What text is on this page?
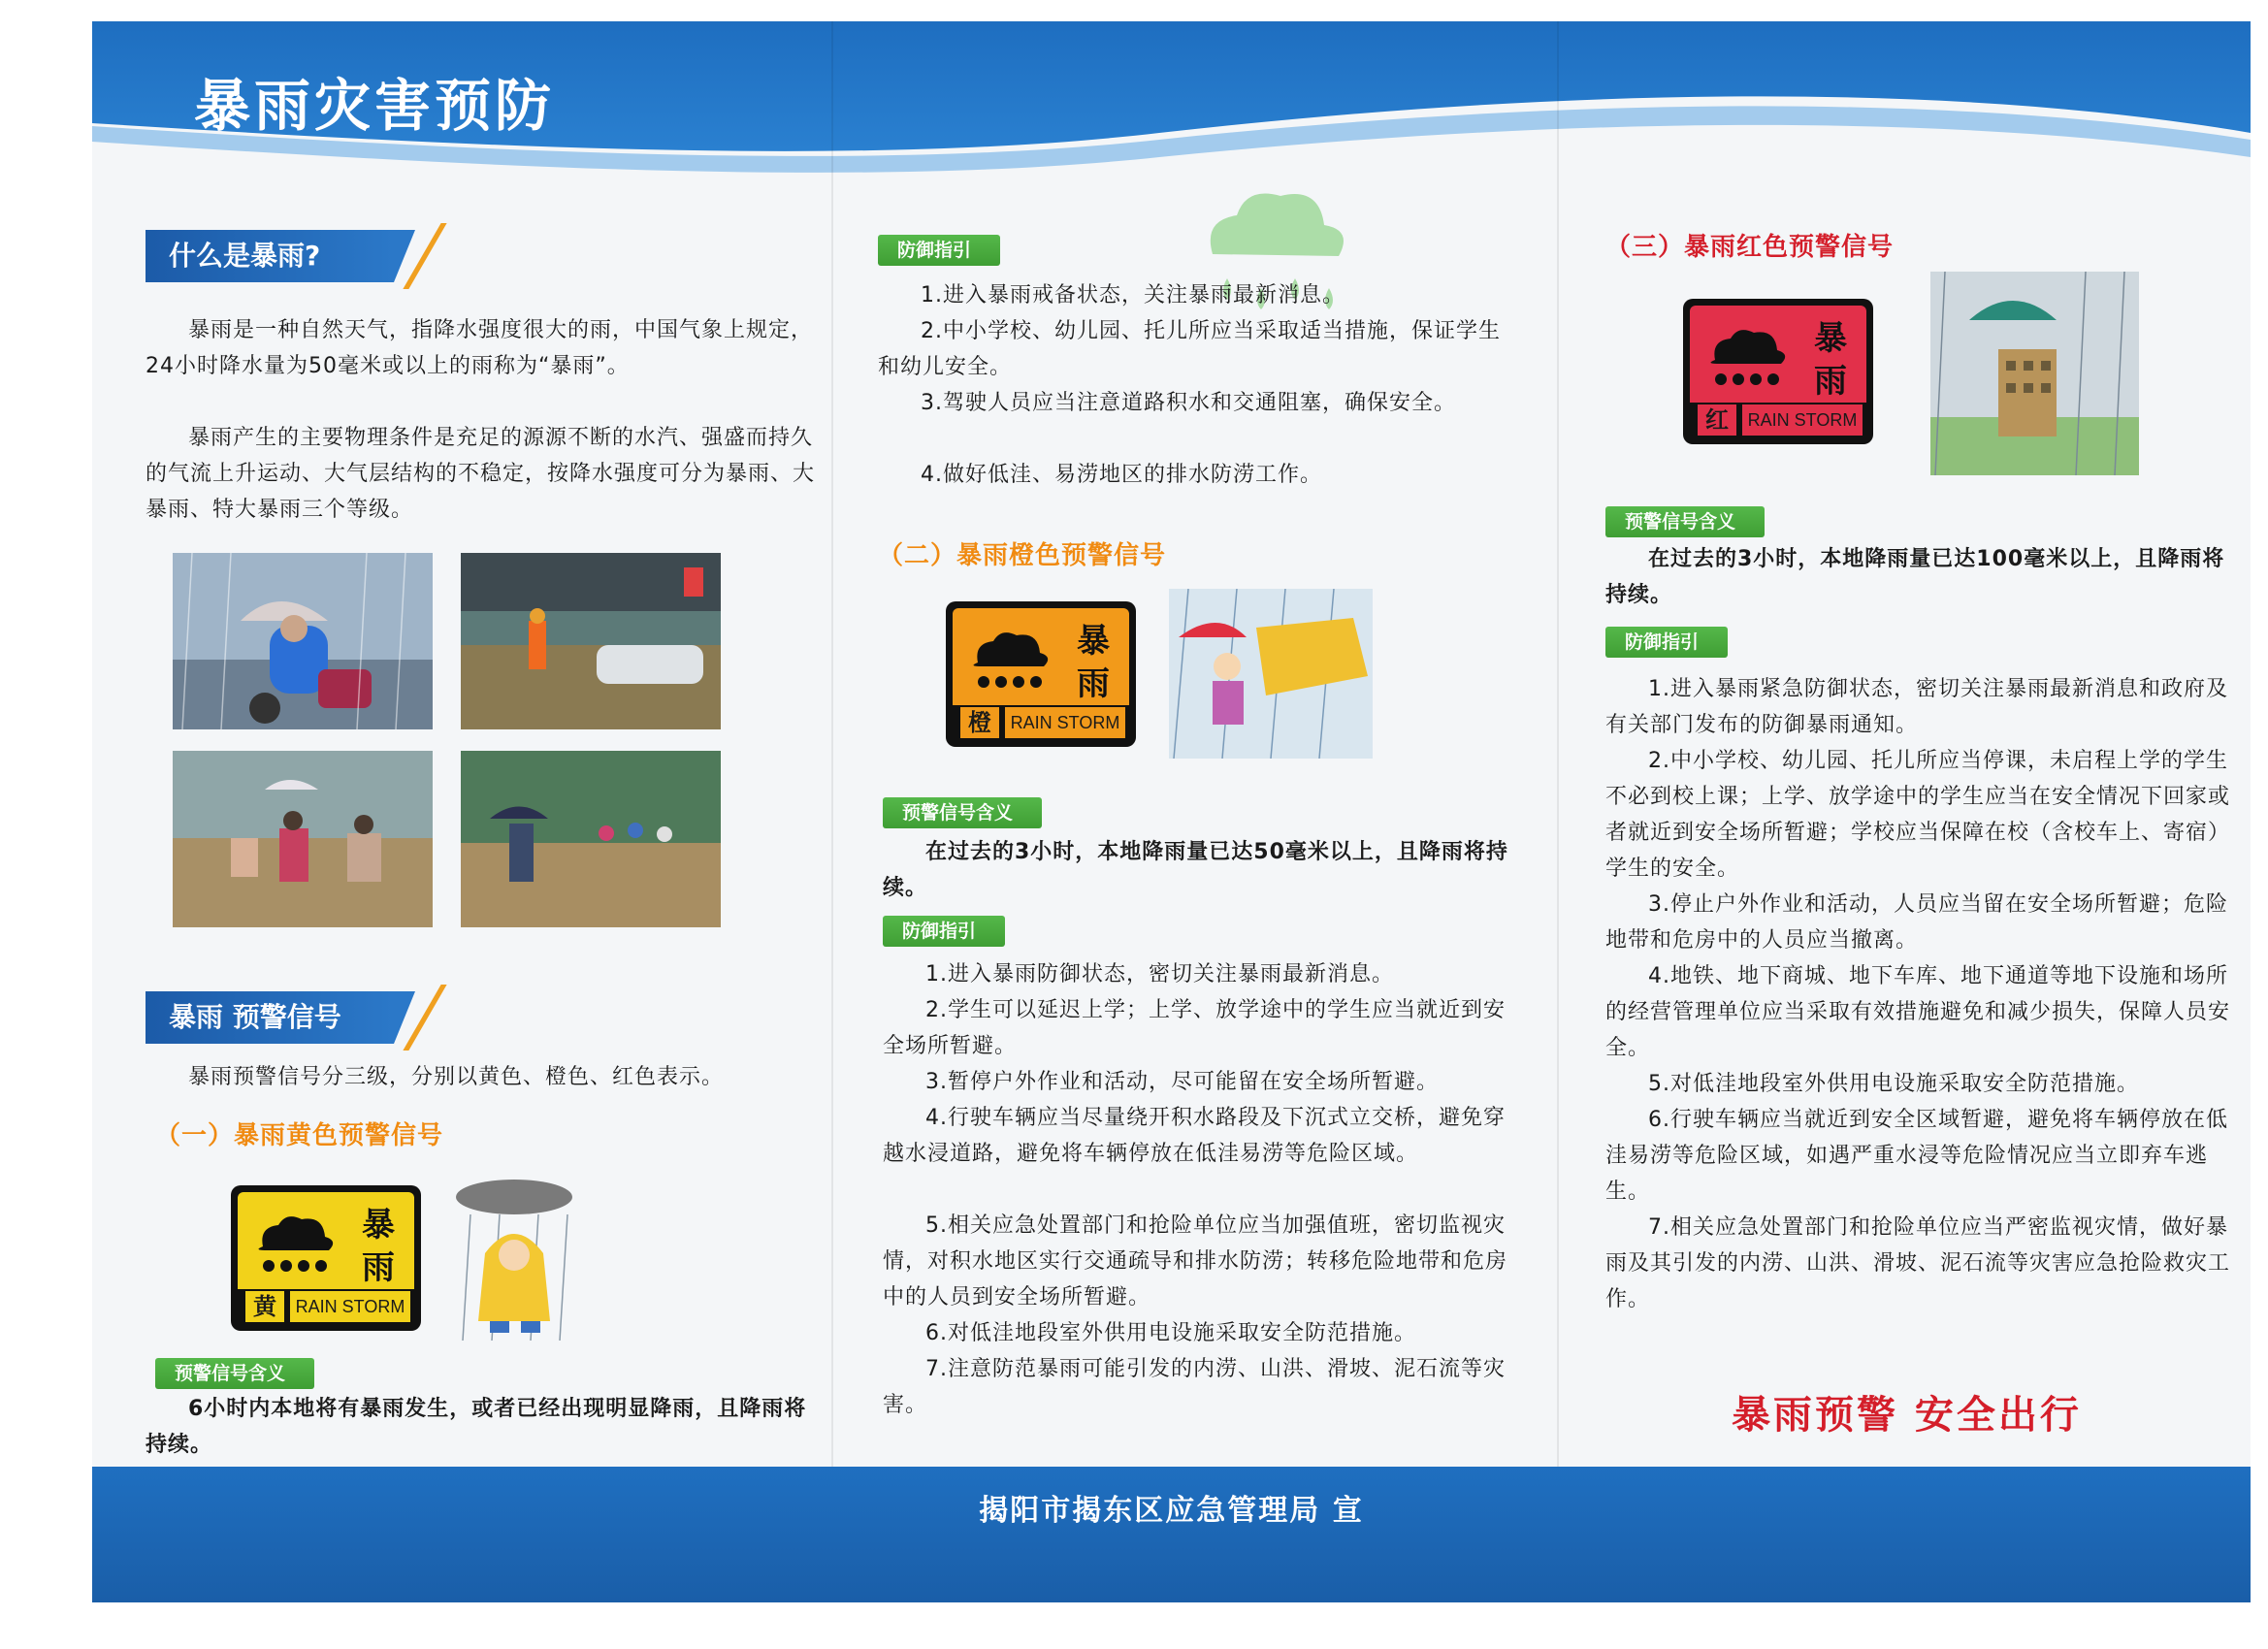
暴雨灾害预防
什么是暴雨?
暴雨是一种自然天气，指降水强度很大的雨，中国气象上规定，24小时降水量为50毫米或以上的雨称为“暴雨”。
暴雨产生的主要物理条件是充足的源源不断的水汽、强盛而持久的气流上升运动、大气层结构的不稳定，按降水强度可分为暴雨、大暴雨、特大暴雨三个等级。
暴雨 预警信号
暴雨预警信号分三级，分别以黄色、橙色、红色表示。
（一）暴雨黄色预警信号
暴
雨
黄	RAIN STORM
预警信号含义
6小时内本地将有暴雨发生，或者已经出现明显降雨，且降雨将持续。
防御指引
1.进入暴雨戒备状态，关注暴雨最新消息。
2.中小学校、幼儿园、托儿所应当采取适当措施，保证学生和幼儿安全。
3.驾驶人员应当注意道路积水和交通阻塞，确保安全。
4.做好低洼、易涝地区的排水防涝工作。
（二）暴雨橙色预警信号
暴
雨
橙	RAIN STORM
预警信号含义
在过去的3小时，本地降雨量已达50毫米以上，且降雨将持续。
防御指引
1.进入暴雨防御状态，密切关注暴雨最新消息。
2.学生可以延迟上学；上学、放学途中的学生应当就近到安全场所暂避。
3.暂停户外作业和活动，尽可能留在安全场所暂避。
4.行驶车辆应当尽量绕开积水路段及下沉式立交桥，避免穿越水浸道路，避免将车辆停放在低洼易涝等危险区域。
5.相关应急处置部门和抢险单位应当加强值班，密切监视灾情，对积水地区实行交通疏导和排水防涝；转移危险地带和危房中的人员到安全场所暂避。
6.对低洼地段室外供用电设施采取安全防范措施。
7.注意防范暴雨可能引发的内涝、山洪、滑坡、泥石流等灾害。
（三）暴雨红色预警信号
暴
雨
红	RAIN STORM
预警信号含义
在过去的3小时，本地降雨量已达100毫米以上，且降雨将持续。
防御指引
1.进入暴雨紧急防御状态，密切关注暴雨最新消息和政府及有关部门发布的防御暴雨通知。
2.中小学校、幼儿园、托儿所应当停课，未启程上学的学生不必到校上课；上学、放学途中的学生应当在安全情况下回家或者就近到安全场所暂避；学校应当保障在校（含校车上、寄宿）学生的安全。
3.停止户外作业和活动，人员应当留在安全场所暂避；危险地带和危房中的人员应当撤离。
4.地铁、地下商城、地下车库、地下通道等地下设施和场所的经营管理单位应当采取有效措施避免和减少损失，保障人员安全。
5.对低洼地段室外供用电设施采取安全防范措施。
6.行驶车辆应当就近到安全区域暂避，避免将车辆停放在低洼易涝等危险区域，如遇严重水浸等危险情况应当立即弃车逃生。
7.相关应急处置部门和抢险单位应当严密监视灾情，做好暴雨及其引发的内涝、山洪、滑坡、泥石流等灾害应急抢险救灾工作。
暴雨预警 安全出行
揭阳市揭东区应急管理局 宣
